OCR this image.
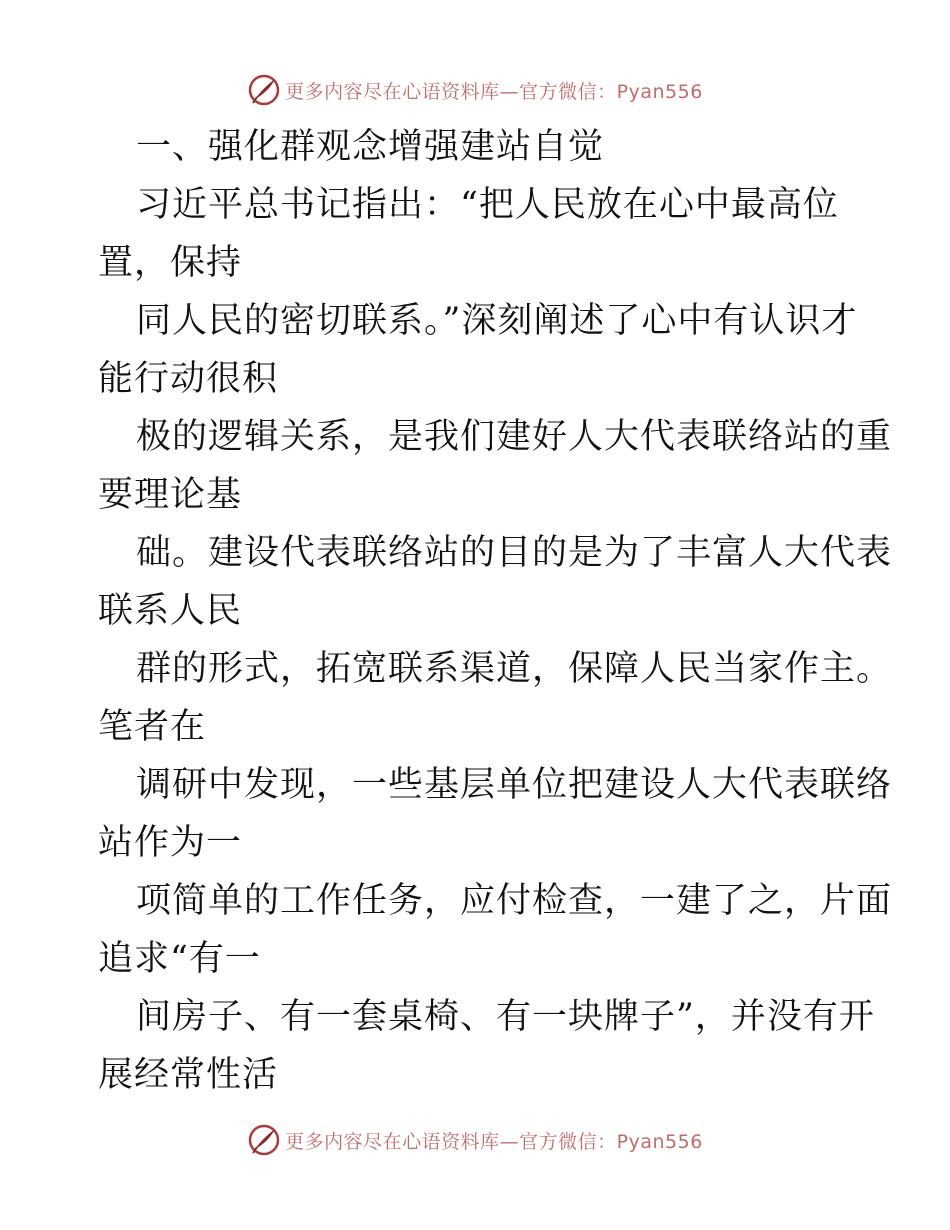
更多内容尽在心语资料库—官方微信：Pyan556
一、强化群观念增强建站自觉
习近平总书记指出：“把人民放在心中最高位
置，保持
同人民的密切联系。”深刻阐述了心中有认识才
能行动很积
极的逻辑关系，是我们建好人大代表联络站的重
要理论基
础。建设代表联络站的目的是为了丰富人大代表
联系人民
群的形式，拓宽联系渠道，保障人民当家作主。
笔者在
调研中发现，一些基层单位把建设人大代表联络
站作为一
项简单的工作任务，应付检查，一建了之，片面
追求“有一
间房子、有一套桌椅、有一块牌子”，并没有开
展经常性活
更多内容尽在心语资料库—官方微信：Pyan556
